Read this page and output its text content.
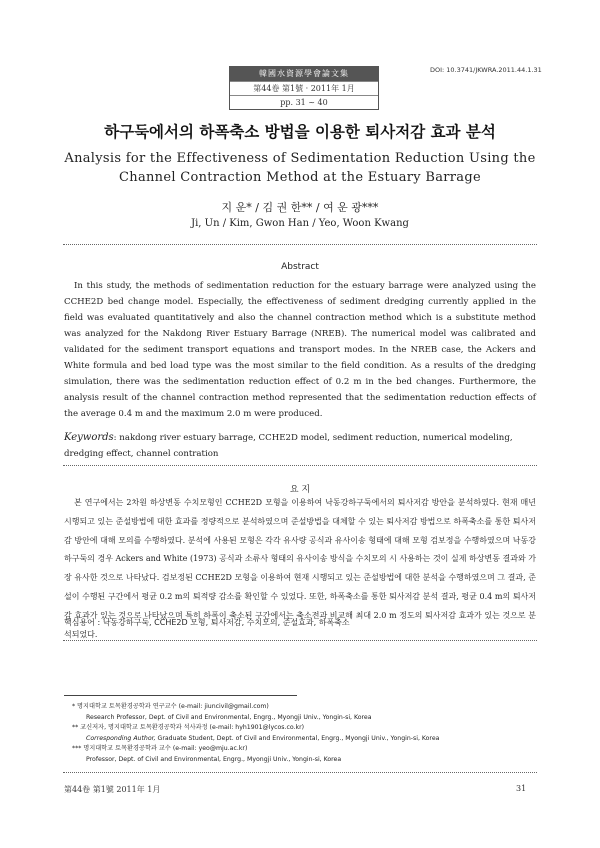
韓國水資源學會論文集
第44卷 第1號 · 2011年 1月
pp. 31 ~ 40
DOI: 10.3741/JKWRA.2011.44.1.31
하구둑에서의 하폭축소 방법을 이용한 퇴사저감 효과 분석
Analysis for the Effectiveness of Sedimentation Reduction Using the Channel Contraction Method at the Estuary Barrage
지 운* / 김 권 한** / 여 운 광***
Ji, Un / Kim, Gwon Han / Yeo, Woon Kwang
Abstract

In this study, the methods of sedimentation reduction for the estuary barrage were analyzed using the CCHE2D bed change model. Especially, the effectiveness of sediment dredging currently applied in the field was evaluated quantitatively and also the channel contraction method which is a substitute method was analyzed for the Nakdong River Estuary Barrage (NREB). The numerical model was calibrated and validated for the sediment transport equations and transport modes. In the NREB case, the Ackers and White formula and bed load type was the most similar to the field condition. As a results of the dredging simulation, there was the sedimentation reduction effect of 0.2 m in the bed changes. Furthermore, the analysis result of the channel contraction method represented that the sedimentation reduction effects of the average 0.4 m and the maximum 2.0 m were produced.

Keywords: nakdong river estuary barrage, CCHE2D model, sediment reduction, numerical modeling, dredging effect, channel contration

요 지

본 연구에서는 2차원 하상변동 수치모형인 CCHE2D 모형을 이용하여 낙동강하구둑에서의 퇴사저감 방안을 분석하였다. 현재 매년 시행되고 있는 준설방법에 대한 효과를 정량적으로 분석하였으며 준설방법을 대체할 수 있는 퇴사저감 방법으로 하폭축소를 통한 퇴사저감 방안에 대해 모의를 수행하였다. 분석에 사용된 모형은 각각 유사량 공식과 유사이송 형태에 대해 모형 검보정을 수행하였으며 낙동강하구둑의 경우 Ackers and White (1973) 공식과 소류사 형태의 유사이송 방식을 수치모의 시 사용하는 것이 실제 하상변동 결과와 가장 유사한 것으로 나타났다. 검보정된 CCHE2D 모형을 이용하여 현재 시행되고 있는 준설방법에 대한 분석을 수행하였으며 그 결과, 준설이 수행된 구간에서 평균 0.2 m의 퇴적량 감소를 확인할 수 있었다. 또한, 하폭축소를 통한 퇴사저감 분석 결과, 평균 0.4 m의 퇴사저감 효과가 있는 것으로 나타났으며 특히 하폭이 축소된 구간에서는 축소전과 비교해 최대 2.0 m 정도의 퇴사저감 효과가 있는 것으로 분석되었다.

핵심용어 : 낙동강하구둑, CCHE2D 모형, 퇴사저감, 수치모의, 준설효과, 하폭축소

* 명지대학교 토목환경공학과 연구교수 (e-mail: jiuncivil@gmail.com)
Research Professor, Dept. of Civil and Environmental, Engrg., Myongji Univ., Yongin-si, Korea
** 교신저자, 명지대학교 토목환경공학과 석사과정 (e-mail: hyh1901@lycos.co.kr)
Corresponding Author, Graduate Student, Dept. of Civil and Environmental, Engrg., Myongji Univ., Yongin-si, Korea
*** 명지대학교 토목환경공학과 교수 (e-mail: yeo@mju.ac.kr)
Professor, Dept. of Civil and Environmental, Engrg., Myongji Univ., Yongin-si, Korea
第44卷 第1號 2011年 1月	31
